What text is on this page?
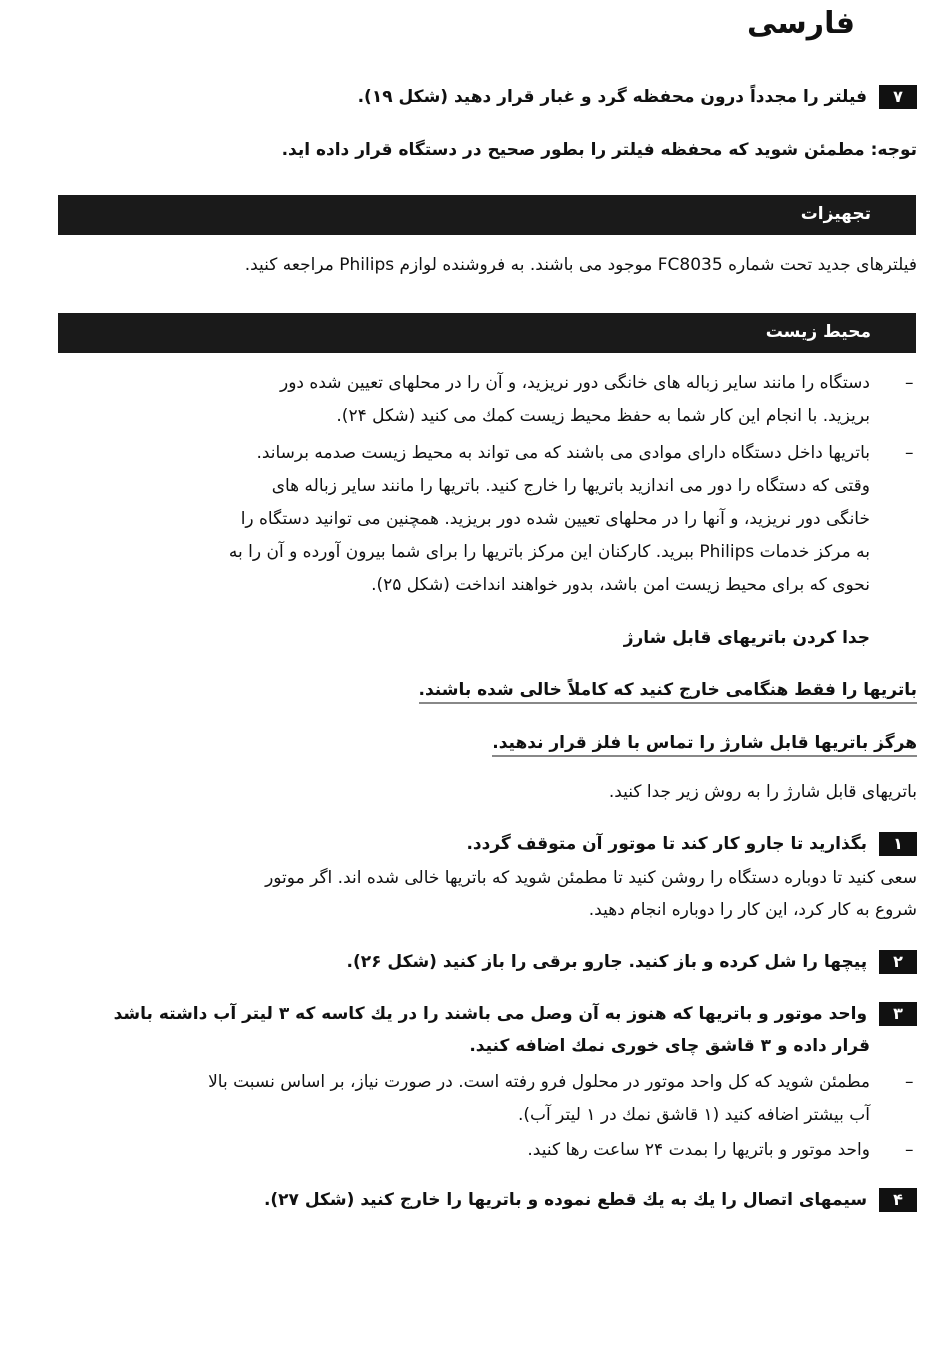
فارسی
۷ فیلتر را مجدداً درون محفظه گرد و غبار قرار دهید (شکل ۱۹).
توجه: مطمئن شوید که محفظه فیلتر را بطور صحیح در دستگاه قرار داده اید.
تجهیزات
فیلترهای جدید تحت شماره FC8035 موجود می باشند. به فروشنده لوازم Philips مراجعه کنید.
محیط زیست
–
دستگاه را مانند سایر زباله های خانگی دور نریزید، و آن را در محلهای تعیین شده دور
بریزید. با انجام این کار شما به حفظ محیط زیست کمك می کنید (شکل ۲۴).
–
باتریها داخل دستگاه دارای موادی می باشند که می تواند به محیط زیست صدمه برساند.
وقتی که دستگاه را دور می اندازید باتریها را خارج کنید. باتریها را مانند سایر زباله های
خانگی دور نریزید، و آنها را در محلهای تعیین شده دور بریزید. همچنین می توانید دستگاه را
به مرکز خدمات Philips ببرید. کارکنان این مرکز باتریها را برای شما بیرون آورده و آن را به
نحوی که برای محیط زیست امن باشد، بدور خواهند انداخت (شکل ۲۵).
جدا کردن باتریهای قابل شارژ
باتریها را فقط هنگامی خارج کنید که کاملاً خالی شده باشند.
هرگز باتریها قابل شارژ را تماس با فلز قرار ندهید.
باتریهای قابل شارژ را به روش زیر جدا کنید.
۱ بگذارید تا جارو کار کند تا موتور آن متوقف گردد.
سعی کنید تا دوباره دستگاه را روشن کنید تا مطمئن شوید که باتریها خالی شده اند. اگر موتور
شروع به کار کرد، این کار را دوباره انجام دهید.
۲ پیچها را شل کرده و باز کنید. جارو برقی را باز کنید (شکل ۲۶).
۳ واحد موتور و باتریها که هنوز به آن وصل می باشند را در یك کاسه که ۳ لیتر آب داشته باشد
قرار داده و ۳ قاشق چای خوری نمك اضافه کنید.
–
مطمئن شوید که کل واحد موتور در محلول فرو رفته است. در صورت نیاز، بر اساس نسبت بالا
آب بیشتر اضافه کنید (۱ قاشق نمك در ۱ لیتر آب).
–
واحد موتور و باتریها را بمدت ۲۴ ساعت رها کنید.
۴ سیمهای اتصال را یك به یك قطع نموده و باتریها را خارج کنید (شکل ۲۷).
